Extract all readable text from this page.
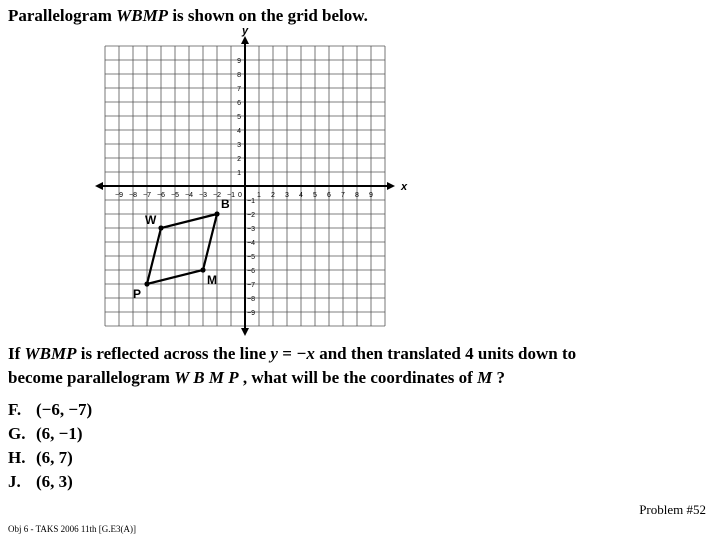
Parallelogram WBMP is shown on the grid below.
x
y
−9 −8 −7 −6 −5 −4 −3 −2 −1 0 1 2 3 4 5 6 7 8 9
9
8
7
6
5
4
3
2
1
−1
−2
−3
−4
−5
−6
−7
−8
−9
B
W
P
M
If WBMP is reflected across the line y = −x and then translated 4 units down to
become parallelogram W B M P , what will be the coordinates of M ?
F. (−6, −7)
G. (6, −1)
H. (6, 7)
J. (6, 3)
Problem #52
Obj 6 - TAKS 2006 11th [G.E3(A)]
